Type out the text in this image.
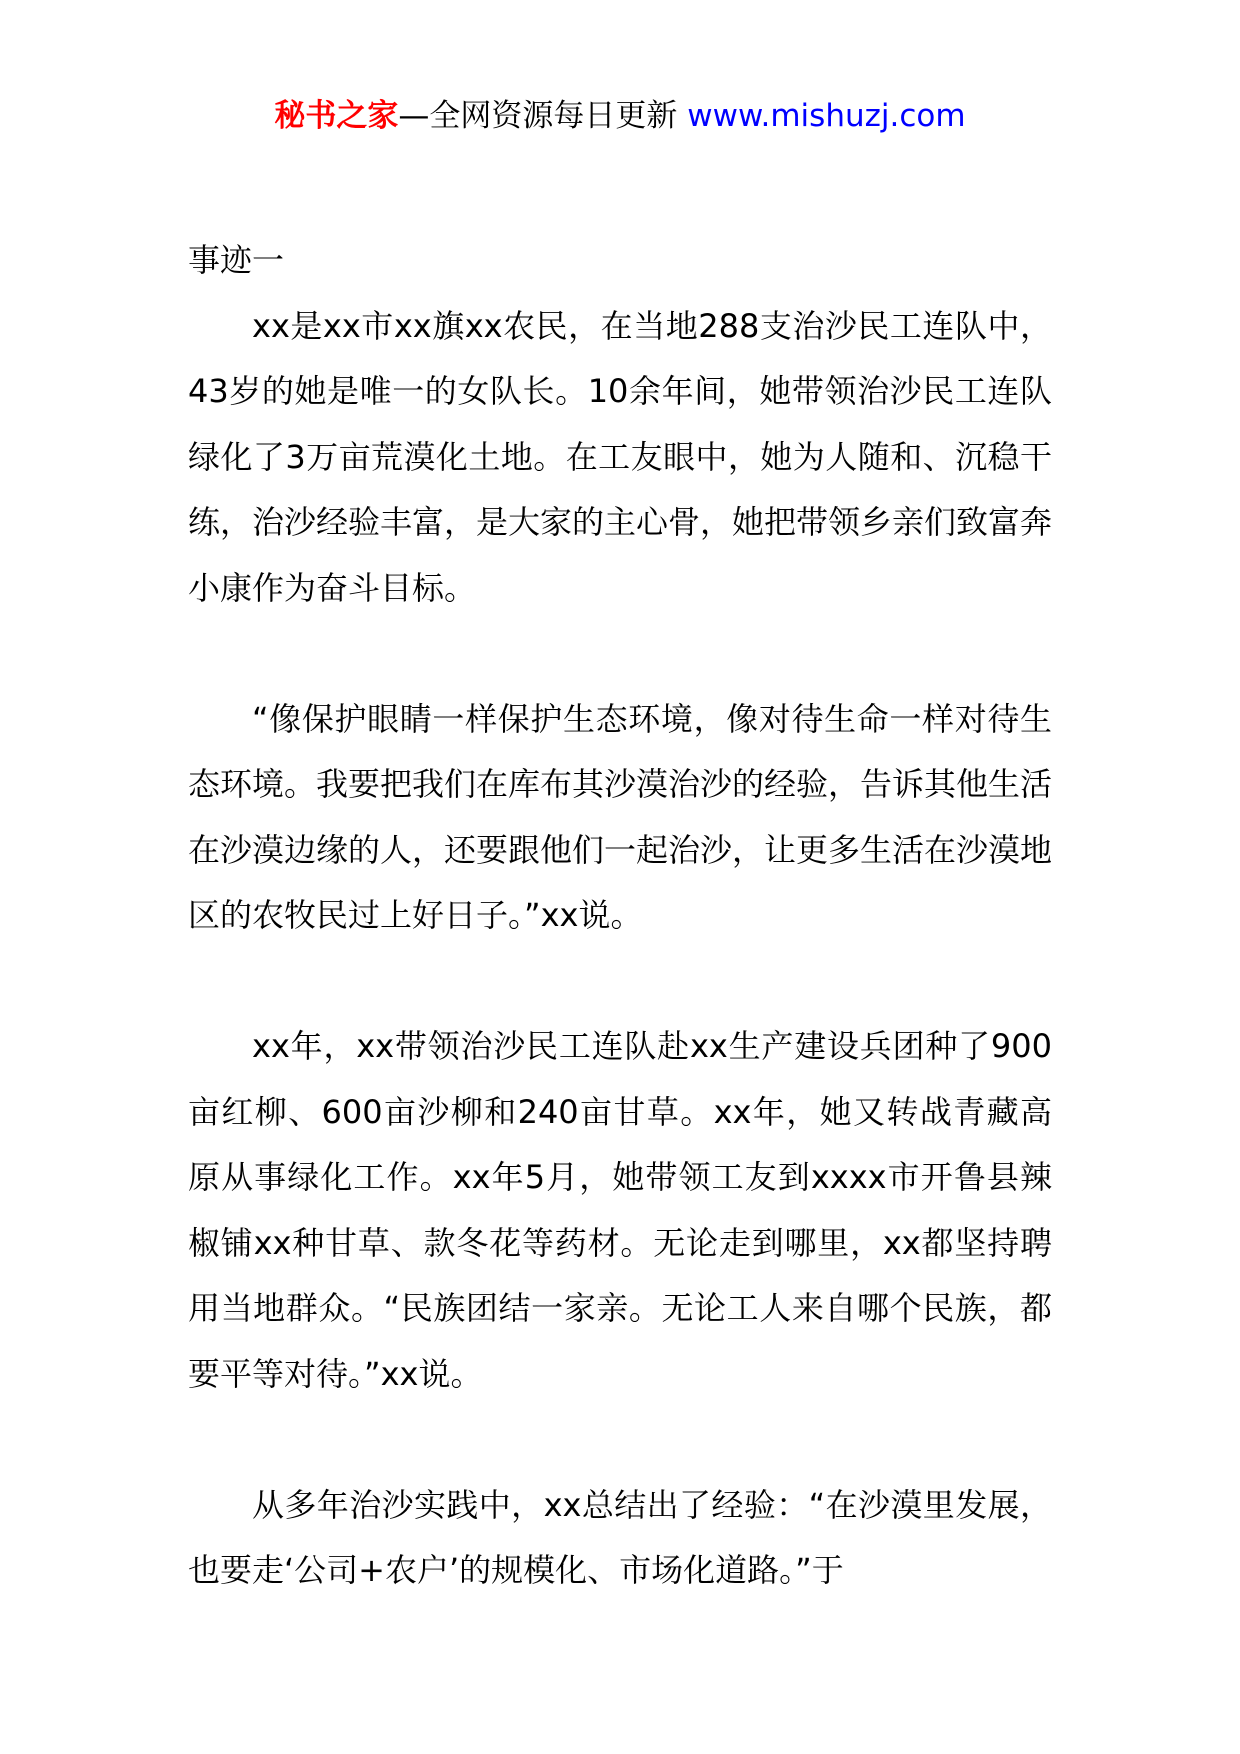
秘书之家—全网资源每日更新 www.mishuzj.com

事迹一

xx是xx市xx旗xx农民，在当地288支治沙民工连队中，43岁的她是唯一的女队长。10余年间，她带领治沙民工连队绿化了3万亩荒漠化土地。在工友眼中，她为人随和、沉稳干练，治沙经验丰富，是大家的主心骨，她把带领乡亲们致富奔小康作为奋斗目标。

“像保护眼睛一样保护生态环境，像对待生命一样对待生态环境。我要把我们在库布其沙漠治沙的经验，告诉其他生活在沙漠边缘的人，还要跟他们一起治沙，让更多生活在沙漠地区的农牧民过上好日子。”xx说。

xx年，xx带领治沙民工连队赴xx生产建设兵团种了900亩红柳、600亩沙柳和240亩甘草。xx年，她又转战青藏高原从事绿化工作。xx年5月，她带领工友到xxxx市开鲁县辣椒铺xx种甘草、款冬花等药材。无论走到哪里，xx都坚持聘用当地群众。“民族团结一家亲。无论工人来自哪个民族，都要平等对待。”xx说。

从多年治沙实践中，xx总结出了经验：“在沙漠里发展，也要走‘公司+农户’的规模化、市场化道路。”于
